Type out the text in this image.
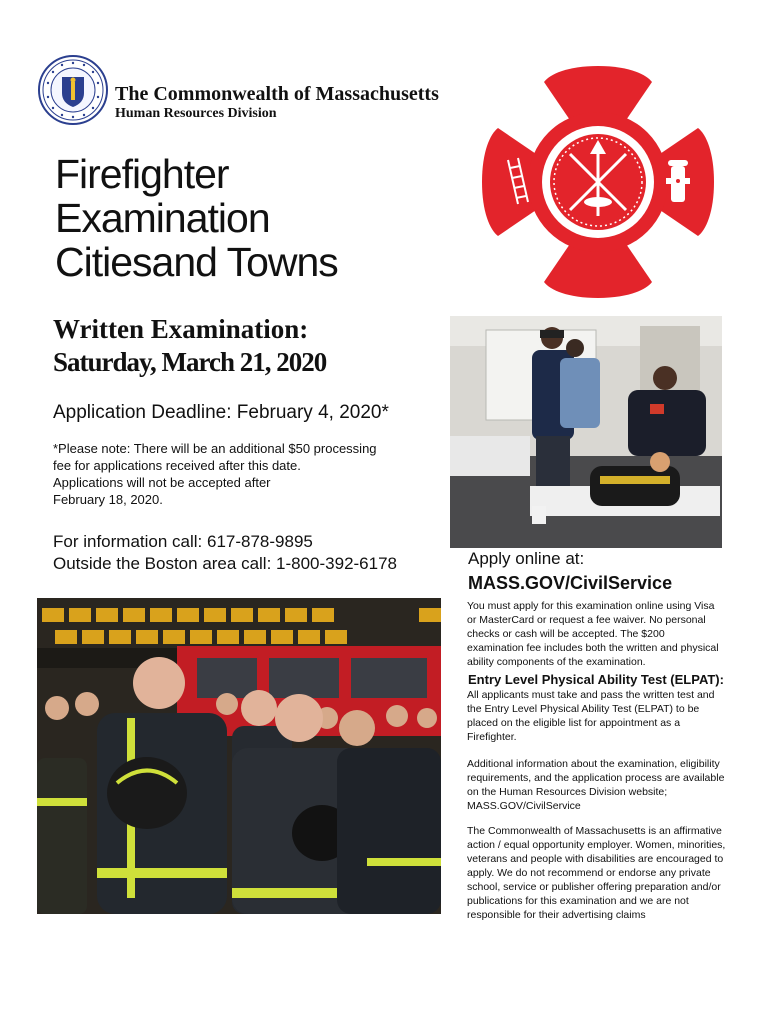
The Commonwealth of Massachusetts
Human Resources Division
Firefighter
Examination
Citiesand Towns
Written Examination:
Saturday, March 21, 2020
Application Deadline: February 4, 2020*
*Please note: There will be an additional $50 processing
fee for applications received after this date.
Applications will not be accepted after
February 18, 2020.
For information call: 617-878-9895
Outside the Boston area call: 1-800-392-6178	Apply online at:
MASS.GOV/CivilService
You must apply for this examination online using Visa
or MasterCard or request a fee waiver. No personal
checks or cash will be accepted. The $200
examination fee includes both the written and physical
ability components of the examination.
Entry Level Physical Ability Test (ELPAT):
All applicants must take and pass the written test and
the Entry Level Physical Ability Test (ELPAT) to be
placed on the eligible list for appointment as a
Firefighter.
Additional information about the examination, eligibility
requirements, and the application process are available
on the Human Resources Division website;
MASS.GOV/CivilService
The Commonwealth of Massachusetts is an affirmative
action / equal opportunity employer. Women, minorities,
veterans and people with disabilities are encouraged to
apply. We do not recommend or endorse any private
school, service or publisher offering preparation and/or
publications for this examination and we are not
responsible for their advertising claims
